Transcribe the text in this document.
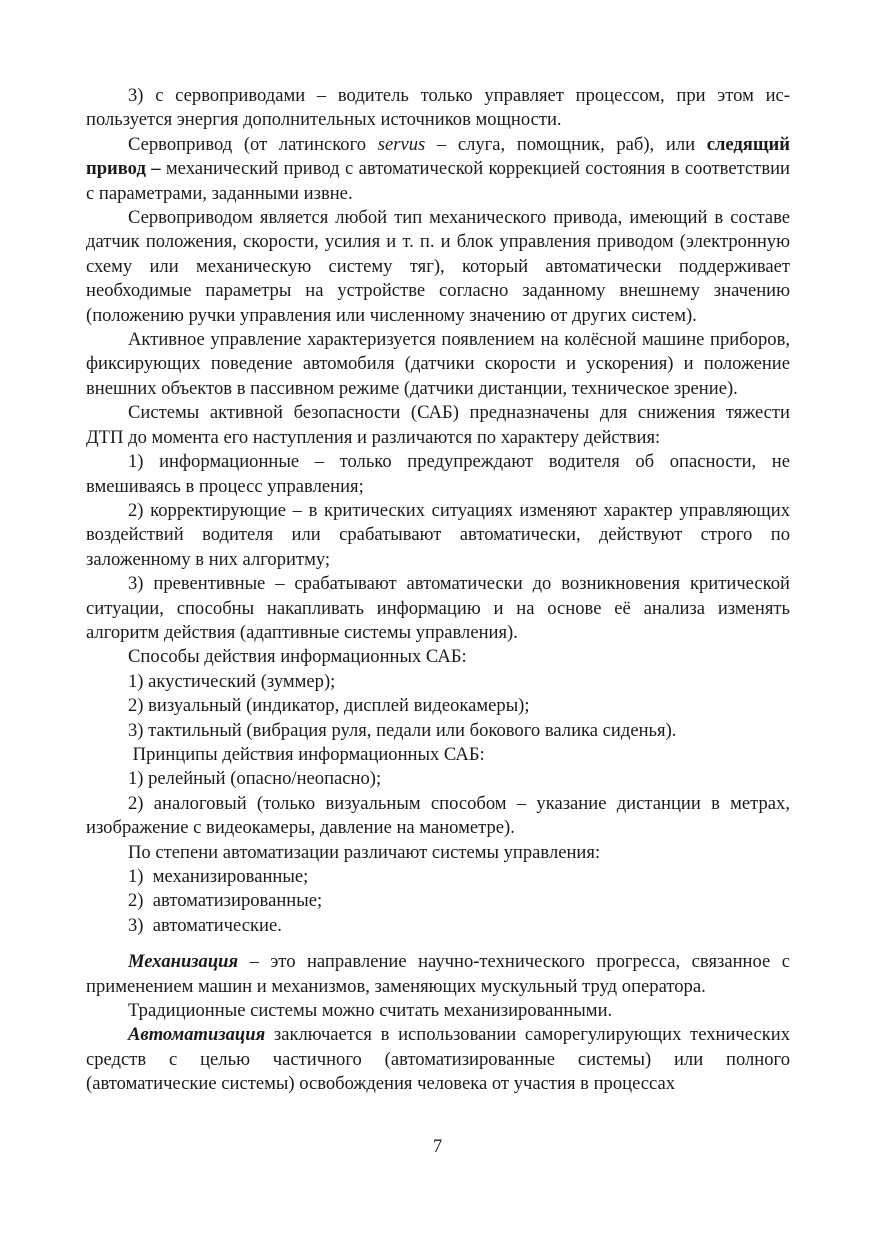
3) с сервоприводами – водитель только управляет процессом, при этом используется энергия дополнительных источников мощности.

Сервопривод (от латинского servus – слуга, помощник, раб), или следящий привод – механический привод с автоматической коррекцией состояния в соответствии с параметрами, заданными извне.

Сервоприводом является любой тип механического привода, имеющий в составе датчик положения, скорости, усилия и т. п. и блок управления приводом (электронную схему или механическую систему тяг), который автоматически поддерживает необходимые параметры на устройстве согласно заданному внешнему значению (положению ручки управления или численному значению от других систем).

Активное управление характеризуется появлением на колёсной машине приборов, фиксирующих поведение автомобиля (датчики скорости и ускорения) и положение внешних объектов в пассивном режиме (датчики дистанции, техническое зрение).

Системы активной безопасности (САБ) предназначены для снижения тяжести ДТП до момента его наступления и различаются по характеру действия:

1) информационные – только предупреждают водителя об опасности, не вмешиваясь в процесс управления;

2) корректирующие – в критических ситуациях изменяют характер управляющих воздействий водителя или срабатывают автоматически, действуют строго по заложенному в них алгоритму;

3) превентивные – срабатывают автоматически до возникновения критической ситуации, способны накапливать информацию и на основе её анализа изменять алгоритм действия (адаптивные системы управления).

Способы действия информационных САБ:

1) акустический (зуммер);

2) визуальный (индикатор, дисплей видеокамеры);

3) тактильный (вибрация руля, педали или бокового валика сиденья).

Принципы действия информационных САБ:

1) релейный (опасно/неопасно);

2) аналоговый (только визуальным способом – указание дистанции в метрах, изображение с видеокамеры, давление на манометре).

По степени автоматизации различают системы управления:

1)  механизированные;

2)  автоматизированные;

3)  автоматические.

Механизация – это направление научно-технического прогресса, связанное с применением машин и механизмов, заменяющих мускульный труд оператора.

Традиционные системы можно считать механизированными.

Автоматизация заключается в использовании саморегулирующих технических средств с целью частичного (автоматизированные системы) или полного (автоматические системы) освобождения человека от участия в процессах

7
